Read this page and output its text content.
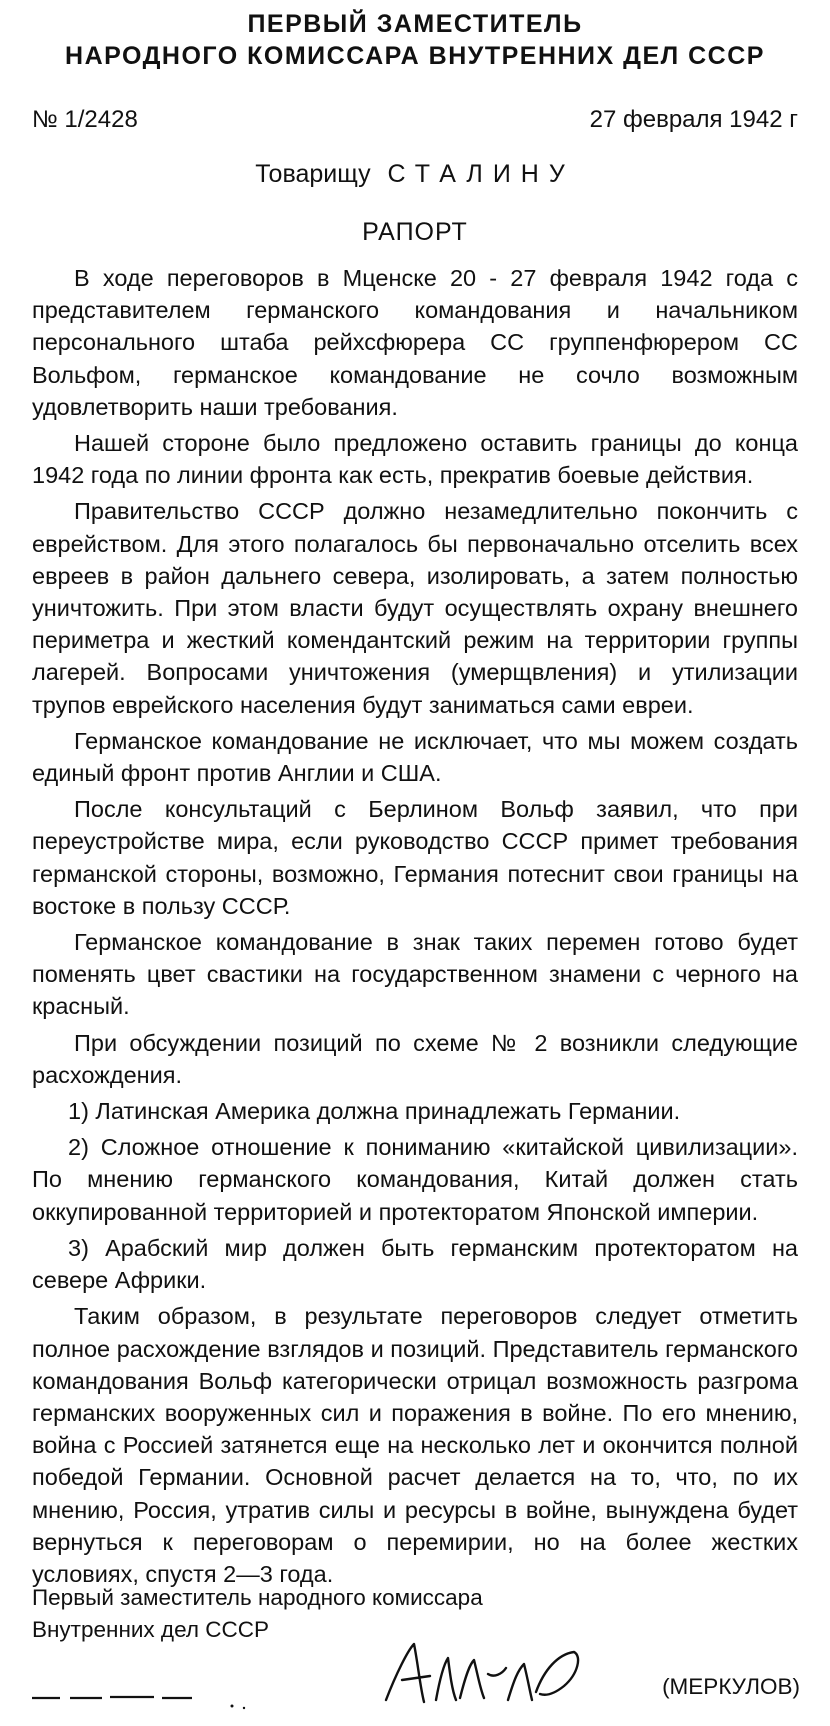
ПЕРВЫЙ ЗАМЕСТИТЕЛЬ
НАРОДНОГО КОМИССАРА ВНУТРЕННИХ ДЕЛ СССР
№ 1/2428	27 февраля 1942 г
Товарищу СТАЛИНУ
РАПОРТ

В ходе переговоров в Мценске 20 - 27 февраля 1942 года с представителем германского командования и начальником персонального штаба рейхсфюрера СС группенфюрером СС Вольфом, германское командование не сочло возможным удовлетворить наши требования.

Нашей стороне было предложено оставить границы до конца 1942 года по линии фронта как есть, прекратив боевые действия.

Правительство СССР должно незамедлительно покончить с еврейством. Для этого полагалось бы первоначально отселить всех евреев в район дальнего севера, изолировать, а затем полностью уничтожить. При этом власти будут осуществлять охрану внешнего периметра и жесткий комендантский режим на территории группы лагерей. Вопросами уничтожения (умерщвления) и утилизации трупов еврейского населения будут заниматься сами евреи.

Германское командование не исключает, что мы можем создать единый фронт против Англии и США.

После консультаций с Берлином Вольф заявил, что при переустройстве мира, если руководство СССР примет требования германской стороны, возможно, Германия потеснит свои границы на востоке в пользу СССР.

Германское командование в знак таких перемен готово будет поменять цвет свастики на государственном знамени с черного на красный.

При обсуждении позиций по схеме № 2 возникли следующие расхождения.

1) Латинская Америка должна принадлежать Германии.

2) Сложное отношение к пониманию «китайской цивилизации». По мнению германского командования, Китай должен стать оккупированной территорией и протекторатом Японской империи.

3) Арабский мир должен быть германским протекторатом на севере Африки.

Таким образом, в результате переговоров следует отметить полное расхождение взглядов и позиций. Представитель германского командования Вольф категорически отрицал возможность разгрома германских вооруженных сил и поражения в войне. По его мнению, война с Россией затянется еще на несколько лет и окончится полной победой Германии. Основной расчет делается на то, что, по их мнению, Россия, утратив силы и ресурсы в войне, вынуждена будет вернуться к переговорам о перемирии, но на более жестких условиях, спустя 2—3 года.

Первый заместитель народного комиссара
Внутренних дел СССР
(МЕРКУЛОВ)
